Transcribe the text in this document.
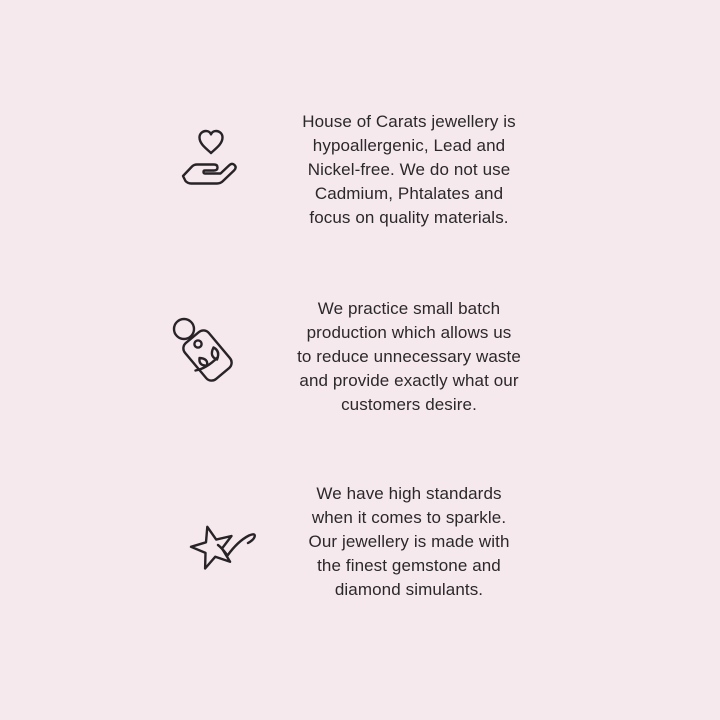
House of Carats jewellery is
hypoallergenic, Lead and
Nickel-free. We do not use
Cadmium, Phtalates and
focus on quality materials.
We practice small batch
production which allows us
to reduce unnecessary waste
and provide exactly what our
customers desire.
We have high standards
when it comes to sparkle.
Our jewellery is made with
the finest gemstone and
diamond simulants.
